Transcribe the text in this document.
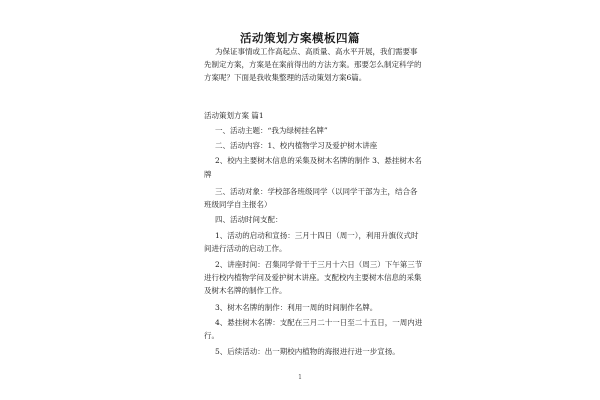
活动策划方案模板四篇
为保证事情或工作高起点、高质量、高水平开展，我们需要事
先制定方案，方案是在案前得出的方法方案。那要怎么制定科学的
方案呢？下面是我收集整理的活动策划方案6篇。
活动策划方案 篇1
一、活动主题：“我为绿树挂名牌”
二、活动内容：1、校内植物学习及爱护树木讲座
2、校内主要树木信息的采集及树木名牌的制作 3、悬挂树木名
牌
三、活动对象：学校部各班级同学（以同学干部为主，结合各
班级同学自主报名）
四、活动时间支配：
1、活动的启动和宣扬：三月十四日（周一），利用升旗仪式时
间进行活动的启动工作。
2、讲座时间：召集同学骨干于三月十六日（周三）下午第三节
进行校内植物学问及爱护树木讲座。支配校内主要树木信息的采集
及树木名牌的制作工作。
3、树木名牌的制作：利用一周的时间制作名牌。
4、悬挂树木名牌：支配在三月二十一日至二十五日，一周内进
行。
5、后续活动：出一期校内植物的海报进行进一步宣扬。
1
